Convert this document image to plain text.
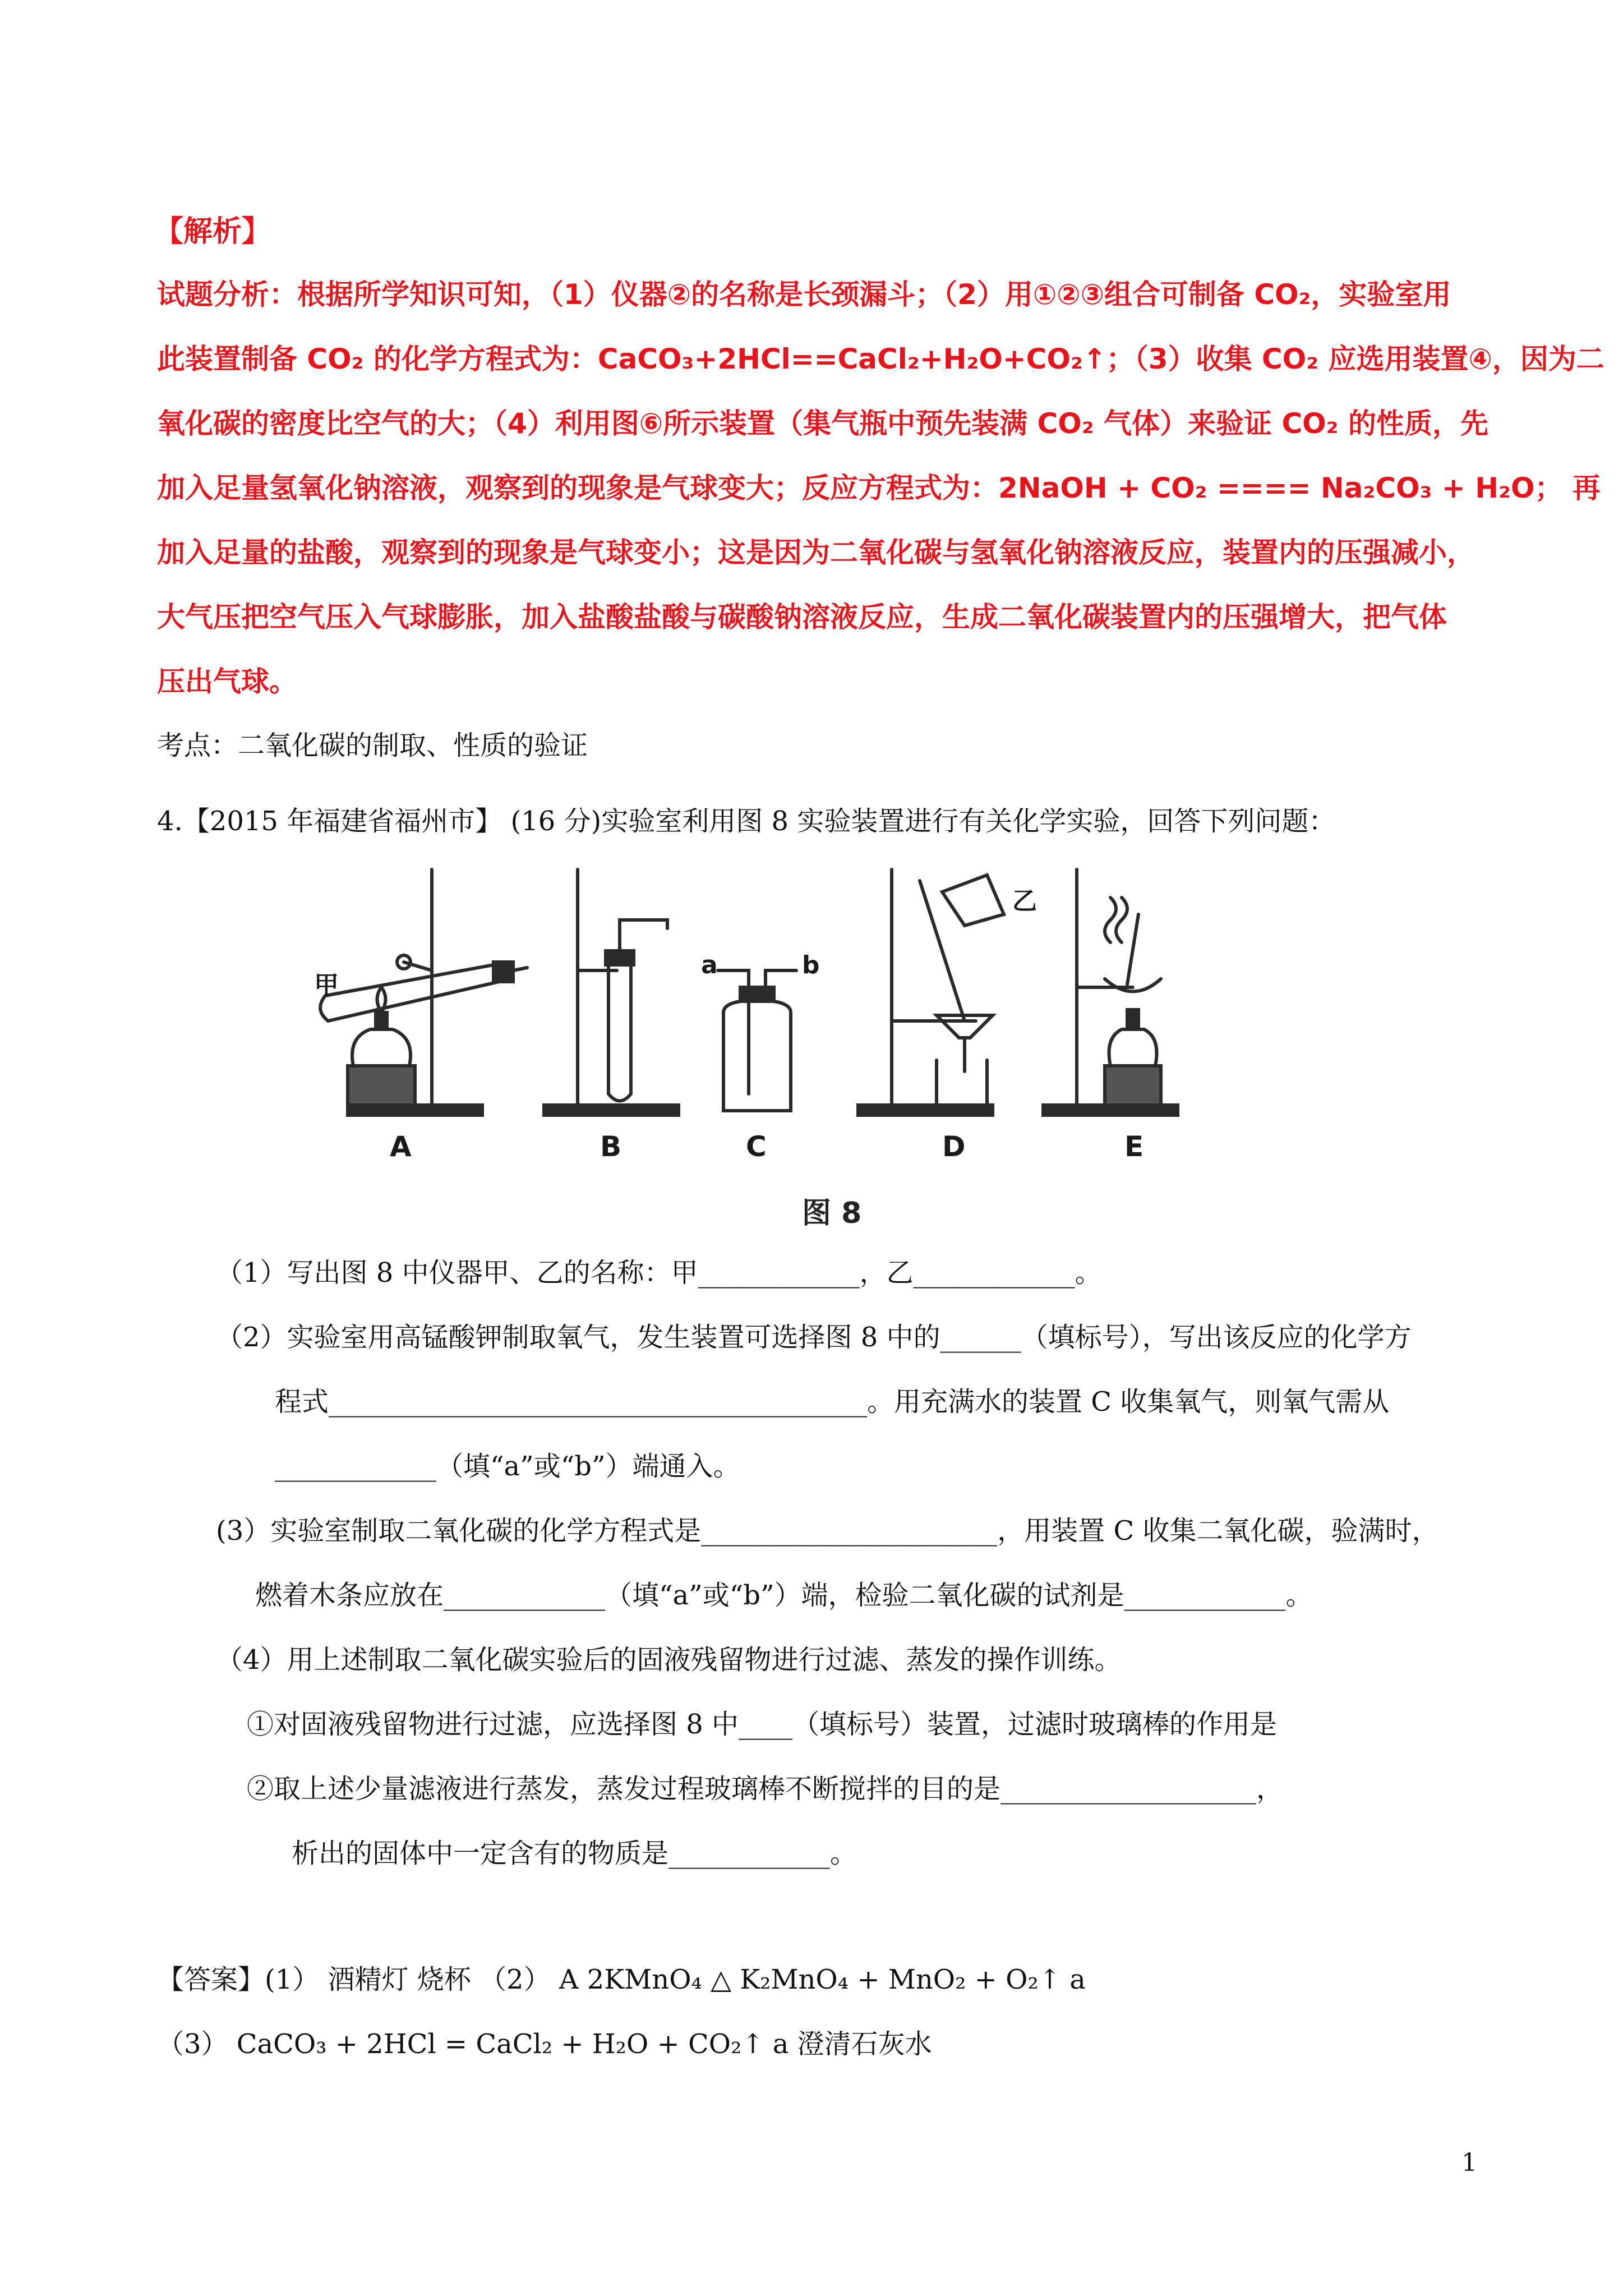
【解析】
试题分析：根据所学知识可知，（1）仪器②的名称是长颈漏斗；（2）用①②③组合可制备 CO₂，实验室用
此装置制备 CO₂ 的化学方程式为：CaCO₃+2HCl==CaCl₂+H₂O+CO₂↑；（3）收集 CO₂ 应选用装置④，因为二
氧化碳的密度比空气的大；（4）利用图⑥所示装置（集气瓶中预先装满 CO₂ 气体）来验证 CO₂ 的性质，先
加入足量氢氧化钠溶液，观察到的现象是气球变大；反应方程式为：2NaOH + CO₂ ==== Na₂CO₃ + H₂O； 再
加入足量的盐酸，观察到的现象是气球变小；这是因为二氧化碳与氢氧化钠溶液反应，装置内的压强减小，
大气压把空气压入气球膨胀，加入盐酸盐酸与碳酸钠溶液反应，生成二氧化碳装置内的压强增大，把气体
压出气球。
考点：二氧化碳的制取、性质的验证
4.【2015 年福建省福州市】 (16 分)实验室利用图 8 实验装置进行有关化学实验，回答下列问题：
A	B	C	D	E
甲
乙
a	b
图 8
（1）写出图 8 中仪器甲、乙的名称：甲____________，乙____________。
（2）实验室用高锰酸钾制取氧气，发生装置可选择图 8 中的______（填标号），写出该反应的化学方
程式________________________________________。用充满水的装置 C 收集氧气，则氧气需从
____________（填“a”或“b”）端通入。
(3）实验室制取二氧化碳的化学方程式是______________________，用装置 C 收集二氧化碳，验满时，
燃着木条应放在____________（填“a”或“b”）端，检验二氧化碳的试剂是____________。
（4）用上述制取二氧化碳实验后的固液残留物进行过滤、蒸发的操作训练。
①对固液残留物进行过滤，应选择图 8 中____（填标号）装置，过滤时玻璃棒的作用是
②取上述少量滤液进行蒸发，蒸发过程玻璃棒不断搅拌的目的是___________________，
析出的固体中一定含有的物质是____________。
【答案】(1） 酒精灯 烧杯 （2） A 2KMnO₄ △ K₂MnO₄ + MnO₂ + O₂↑ a
（3） CaCO₃ + 2HCl = CaCl₂ + H₂O + CO₂↑ a 澄清石灰水
1
